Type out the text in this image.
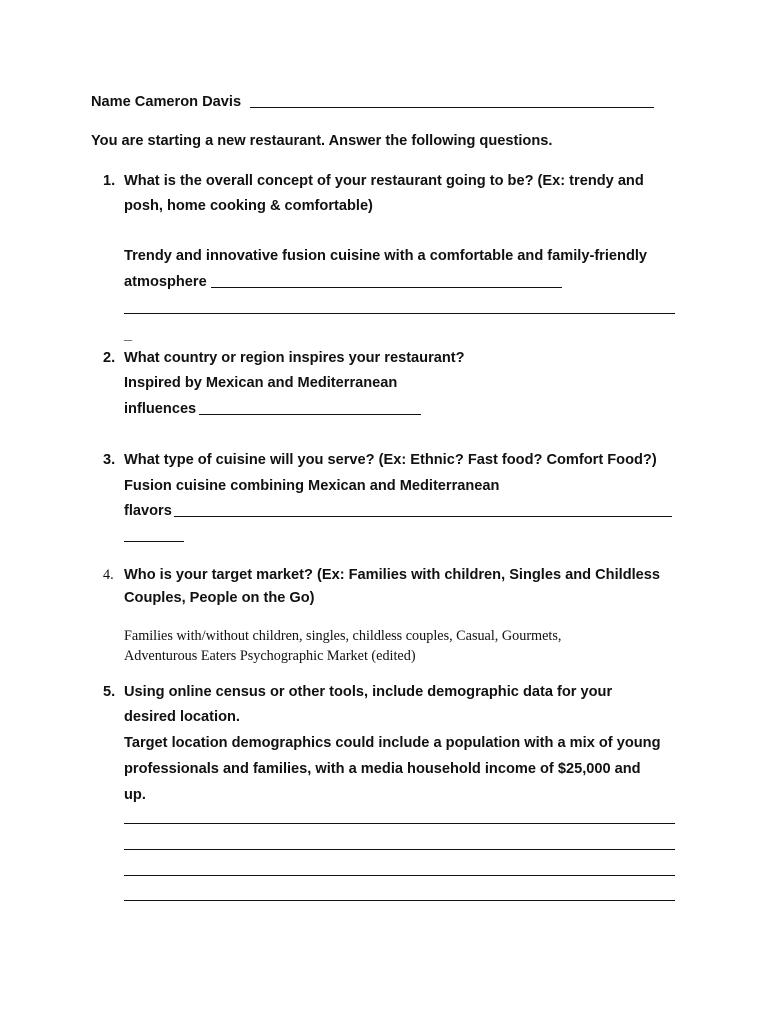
Name Cameron Davis

You are starting a new restaurant. Answer the following questions.

1. What is the overall concept of your restaurant going to be? (Ex: trendy and

posh, home cooking & comfortable)

Trendy and innovative fusion cuisine with a comfortable and family-friendly

atmosphere

_

2. What country or region inspires your restaurant?

Inspired by Mexican and Mediterranean

influences

3. What type of cuisine will you serve? (Ex: Ethnic? Fast food? Comfort Food?)

Fusion cuisine combining Mexican and Mediterranean

flavors

4. Who is your target market? (Ex: Families with children, Singles and Childless

Couples, People on the Go)

Families with/without children, singles, childless couples, Casual, Gourmets,

Adventurous Eaters Psychographic Market (edited)

5. Using online census or other tools, include demographic data for your

desired location.

Target location demographics could include a population with a mix of young

professionals and families, with a media household income of $25,000 and

up.
